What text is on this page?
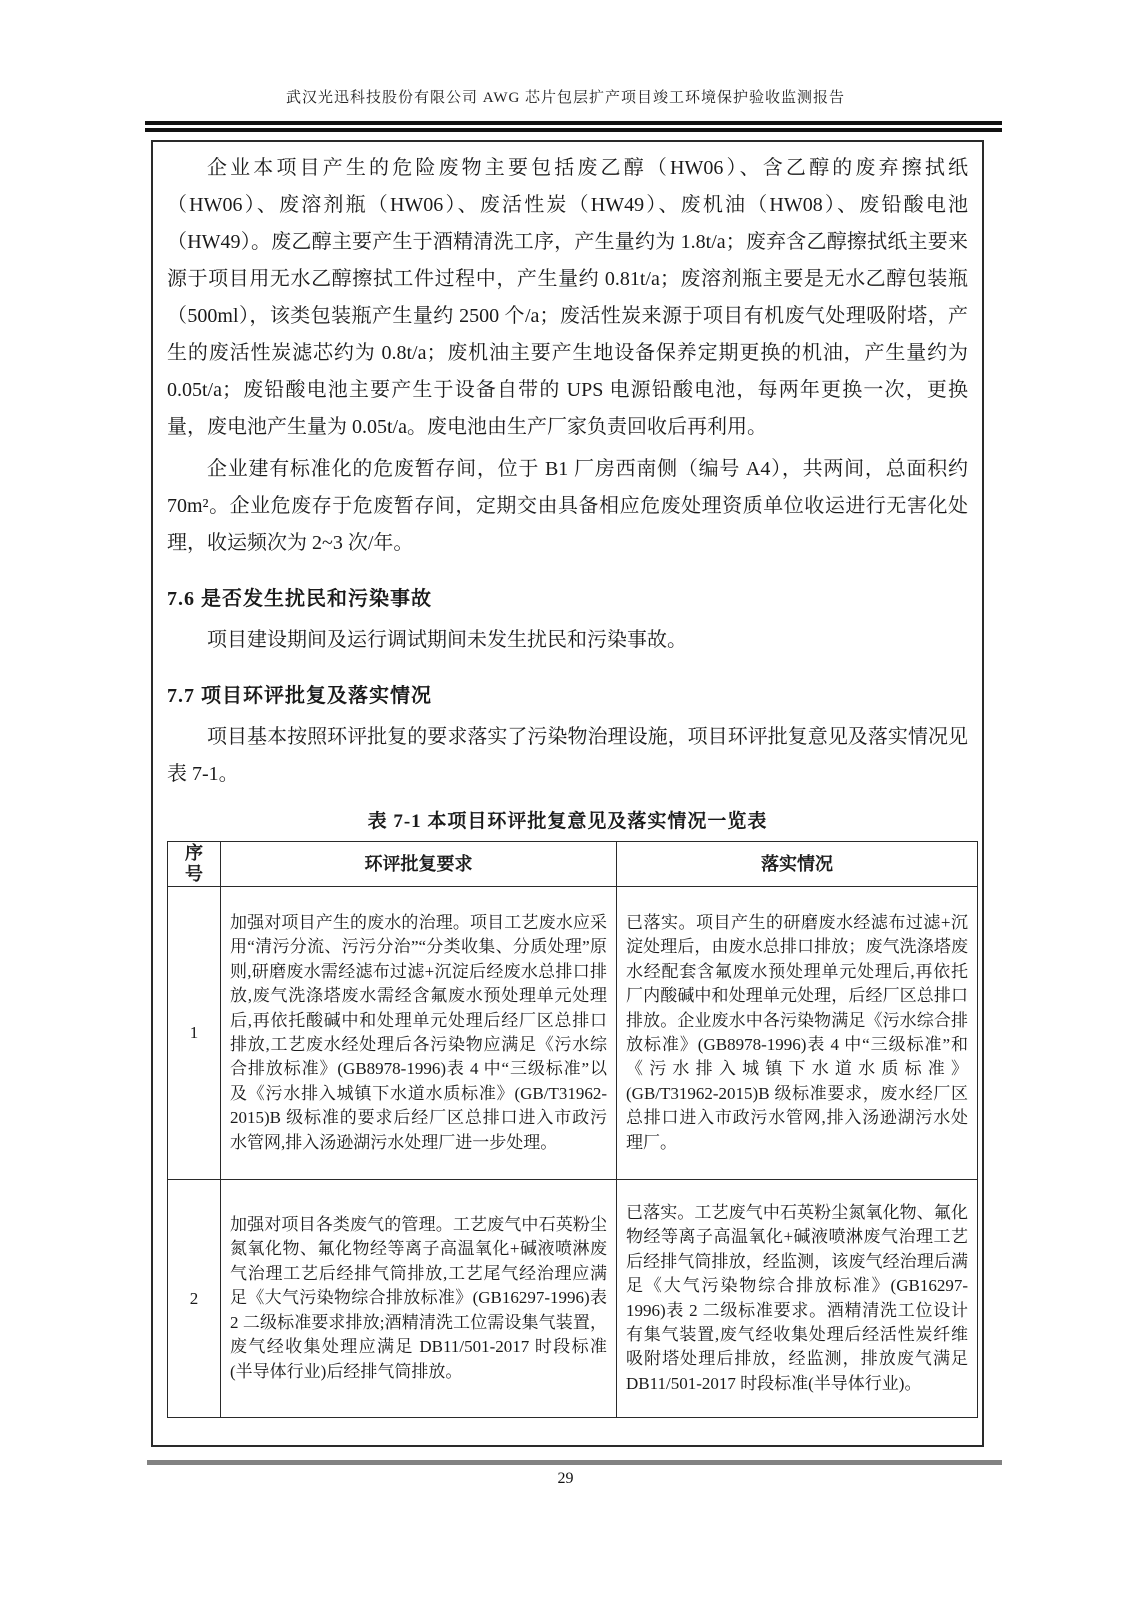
武汉光迅科技股份有限公司 AWG 芯片包层扩产项目竣工环境保护验收监测报告

企业本项目产生的危险废物主要包括废乙醇（HW06）、含乙醇的废弃擦拭纸（HW06）、废溶剂瓶（HW06）、废活性炭（HW49）、废机油（HW08）、废铅酸电池（HW49）。废乙醇主要产生于酒精清洗工序，产生量约为 1.8t/a；废弃含乙醇擦拭纸主要来源于项目用无水乙醇擦拭工件过程中，产生量约 0.81t/a；废溶剂瓶主要是无水乙醇包装瓶（500ml），该类包装瓶产生量约 2500 个/a；废活性炭来源于项目有机废气处理吸附塔，产生的废活性炭滤芯约为 0.8t/a；废机油主要产生地设备保养定期更换的机油，产生量约为 0.05t/a；废铅酸电池主要产生于设备自带的 UPS 电源铅酸电池，每两年更换一次，更换量，废电池产生量为 0.05t/a。废电池由生产厂家负责回收后再利用。

企业建有标准化的危废暂存间，位于 B1 厂房西南侧（编号 A4），共两间，总面积约 70m²。企业危废存于危废暂存间，定期交由具备相应危废处理资质单位收运进行无害化处理，收运频次为 2~3 次/年。

7.6 是否发生扰民和污染事故

项目建设期间及运行调试期间未发生扰民和污染事故。

7.7 项目环评批复及落实情况

项目基本按照环评批复的要求落实了污染物治理设施，项目环评批复意见及落实情况见表 7-1。

表 7-1 本项目环评批复意见及落实情况一览表
序号	环评批复要求	落实情况
1	加强对项目产生的废水的治理。项目工艺废水应采用“清污分流、污污分治”“分类收集、分质处理”原则,研磨废水需经滤布过滤+沉淀后经废水总排口排放,废气洗涤塔废水需经含氟废水预处理单元处理后,再依托酸碱中和处理单元处理后经厂区总排口排放,工艺废水经处理后各污染物应满足《污水综合排放标准》(GB8978-1996)表 4 中“三级标准”以及《污水排入城镇下水道水质标准》(GB/T31962-2015)B 级标准的要求后经厂区总排口进入市政污水管网,排入汤逊湖污水处理厂进一步处理。	已落实。项目产生的研磨废水经滤布过滤+沉淀处理后，由废水总排口排放；废气洗涤塔废水经配套含氟废水预处理单元处理后,再依托厂内酸碱中和处理单元处理，后经厂区总排口排放。企业废水中各污染物满足《污水综合排放标准》(GB8978-1996)表 4 中“三级标准”和《污水排入城镇下水道水质标准》(GB/T31962-2015)B 级标准要求，废水经厂区总排口进入市政污水管网,排入汤逊湖污水处理厂。
2	加强对项目各类废气的管理。工艺废气中石英粉尘氮氧化物、氟化物经等离子高温氧化+碱液喷淋废气治理工艺后经排气筒排放,工艺尾气经治理应满足《大气污染物综合排放标准》(GB16297-1996)表 2 二级标准要求排放;酒精清洗工位需设集气装置，废气经收集处理应满足 DB11/501-2017 时段标准(半导体行业)后经排气筒排放。	已落实。工艺废气中石英粉尘氮氧化物、氟化物经等离子高温氧化+碱液喷淋废气治理工艺后经排气筒排放，经监测，该废气经治理后满足《大气污染物综合排放标准》(GB16297-1996)表 2 二级标准要求。酒精清洗工位设计有集气装置,废气经收集处理后经活性炭纤维吸附塔处理后排放，经监测，排放废气满足 DB11/501-2017 时段标准(半导体行业)。
29
